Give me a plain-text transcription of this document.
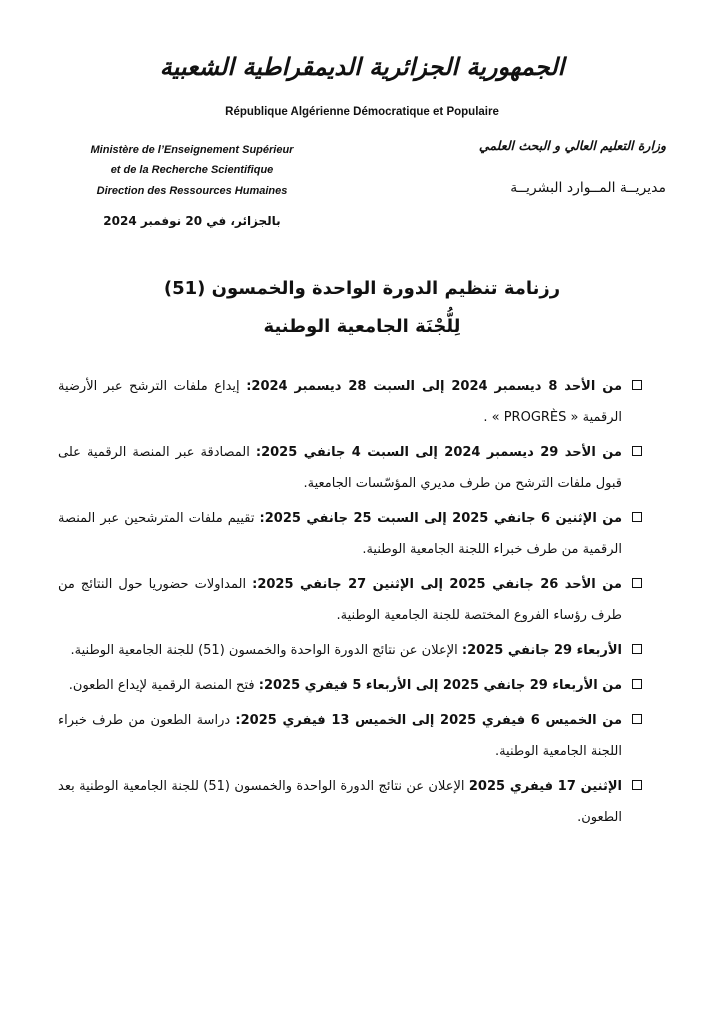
الجمهورية الجزائرية الديمقراطية الشعبية
République Algérienne Démocratique et Populaire
Ministère de l’Enseignement Supérieur
et de la Recherche Scientifique
Direction des Ressources Humaines
بالجزائر، في 20 نوفمبر 2024
وزارة التعليم العالي و البحث العلمي
مديريــة المــوارد البشريــة
رزنامة تنظيم الدورة الواحدة والخمسون (51)
لِلُّجْنَة الجامعية الوطنية
من الأحد 8 ديسمبر 2024 إلى السبت 28 ديسمبر 2024: إيداع ملفات الترشح عبر الأرضية الرقمية « PROGRÈS » .
من الأحد 29 ديسمبر 2024 إلى السبت 4 جانفي 2025: المصادقة عبر المنصة الرقمية على قبول ملفات الترشح من طرف مديري المؤسّسات الجامعية.
من الإثنين 6 جانفي 2025 إلى السبت 25 جانفي 2025: تقييم ملفات المترشحين عبر المنصة الرقمية من طرف خبراء اللجنة الجامعية الوطنية.
من الأحد 26 جانفي 2025 إلى الإثنين 27 جانفي 2025: المداولات حضوريا حول النتائج من طرف رؤساء الفروع المختصة للجنة الجامعية الوطنية.
الأربعاء 29 جانفي 2025: الإعلان عن نتائج الدورة الواحدة والخمسون (51) للجنة الجامعية الوطنية.
من الأربعاء 29 جانفي 2025 إلى الأربعاء 5 فيفري 2025: فتح المنصة الرقمية لإيداع الطعون.
من الخميس 6 فيفري 2025 إلى الخميس 13 فيفري 2025: دراسة الطعون من طرف خبراء اللجنة الجامعية الوطنية.
الإثنين 17 فيفري 2025 الإعلان عن نتائج الدورة الواحدة والخمسون (51) للجنة الجامعية الوطنية بعد الطعون.
